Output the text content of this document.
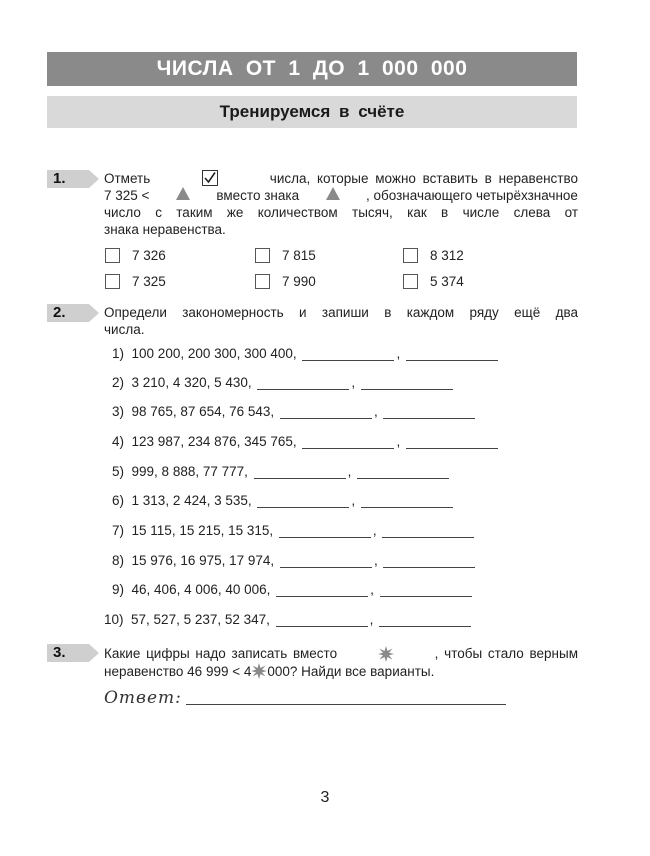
ЧИСЛА ОТ 1 ДО 1 000 000
Тренируемся в счёте
1.	Отметь	числа, которые можно вставить в неравенство
7 325 <	вместо знака	, обозначающего четырёхзначное
число с таким же количеством тысяч, как в числе слева от
знака неравенства.
7 326	7 815	8 312
7 325	7 990	5 374
2.	Определи закономерность и запиши в каждом ряду ещё два
числа.
1) 100 200, 200 300, 300 400,	,
2) 3 210, 4 320, 5 430,	,
3) 98 765, 87 654, 76 543,	,
4) 123 987, 234 876, 345 765,	,
5) 999, 8 888, 77 777,	,
6) 1 313, 2 424, 3 535,	,
7) 15 115, 15 215, 15 315,	,
8) 15 976, 16 975, 17 974,	,
9) 46, 406, 4 006, 40 006,	,
10) 57, 527, 5 237, 52 347,	,
3.	Какие цифры надо записать вместо	, чтобы стало верным
неравенство 46 999 < 4 000? Найди все варианты.
Ответ:
3
